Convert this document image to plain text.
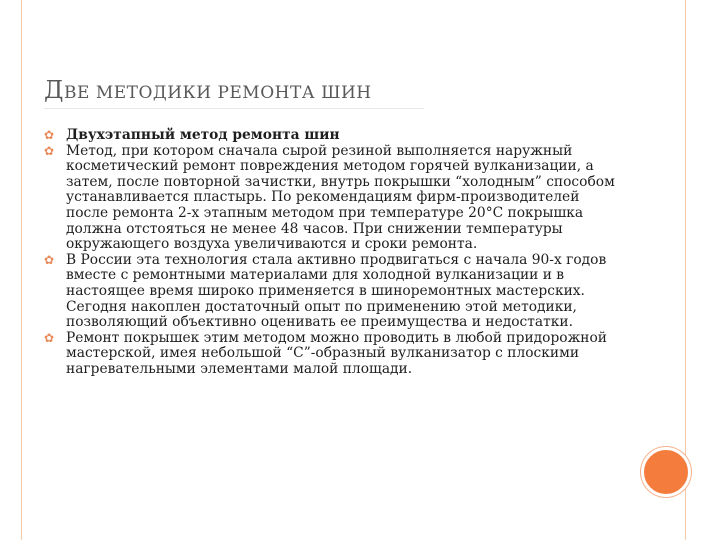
ДВЕ МЕТОДИКИ РЕМОНТА ШИН
✿ Двухэтапный метод ремонта шин
✿ Метод, при котором сначала сырой резиной выполняется наружный косметический ремонт повреждения методом горячей вулканизации, а затем, после повторной зачистки, внутрь покрышки “холодным” способом устанавливается пластырь. По рекомендациям фирм-производителей после ремонта 2-х этапным методом при температуре 20°С покрышка должна отстояться не менее 48 часов. При снижении температуры окружающего воздуха увеличиваются и сроки ремонта.
✿ В России эта технология стала активно продвигаться с начала 90-х годов вместе с ремонтными материалами для холодной вулканизации и в настоящее время широко применяется в шиноремонтных мастерских. Сегодня накоплен достаточный опыт по применению этой методики, позволяющий объективно оценивать ее преимущества и недостатки.
✿ Ремонт покрышек этим методом можно проводить в любой придорожной мастерской, имея небольшой “С”-образный вулканизатор с плоскими нагревательными элементами малой площади.
